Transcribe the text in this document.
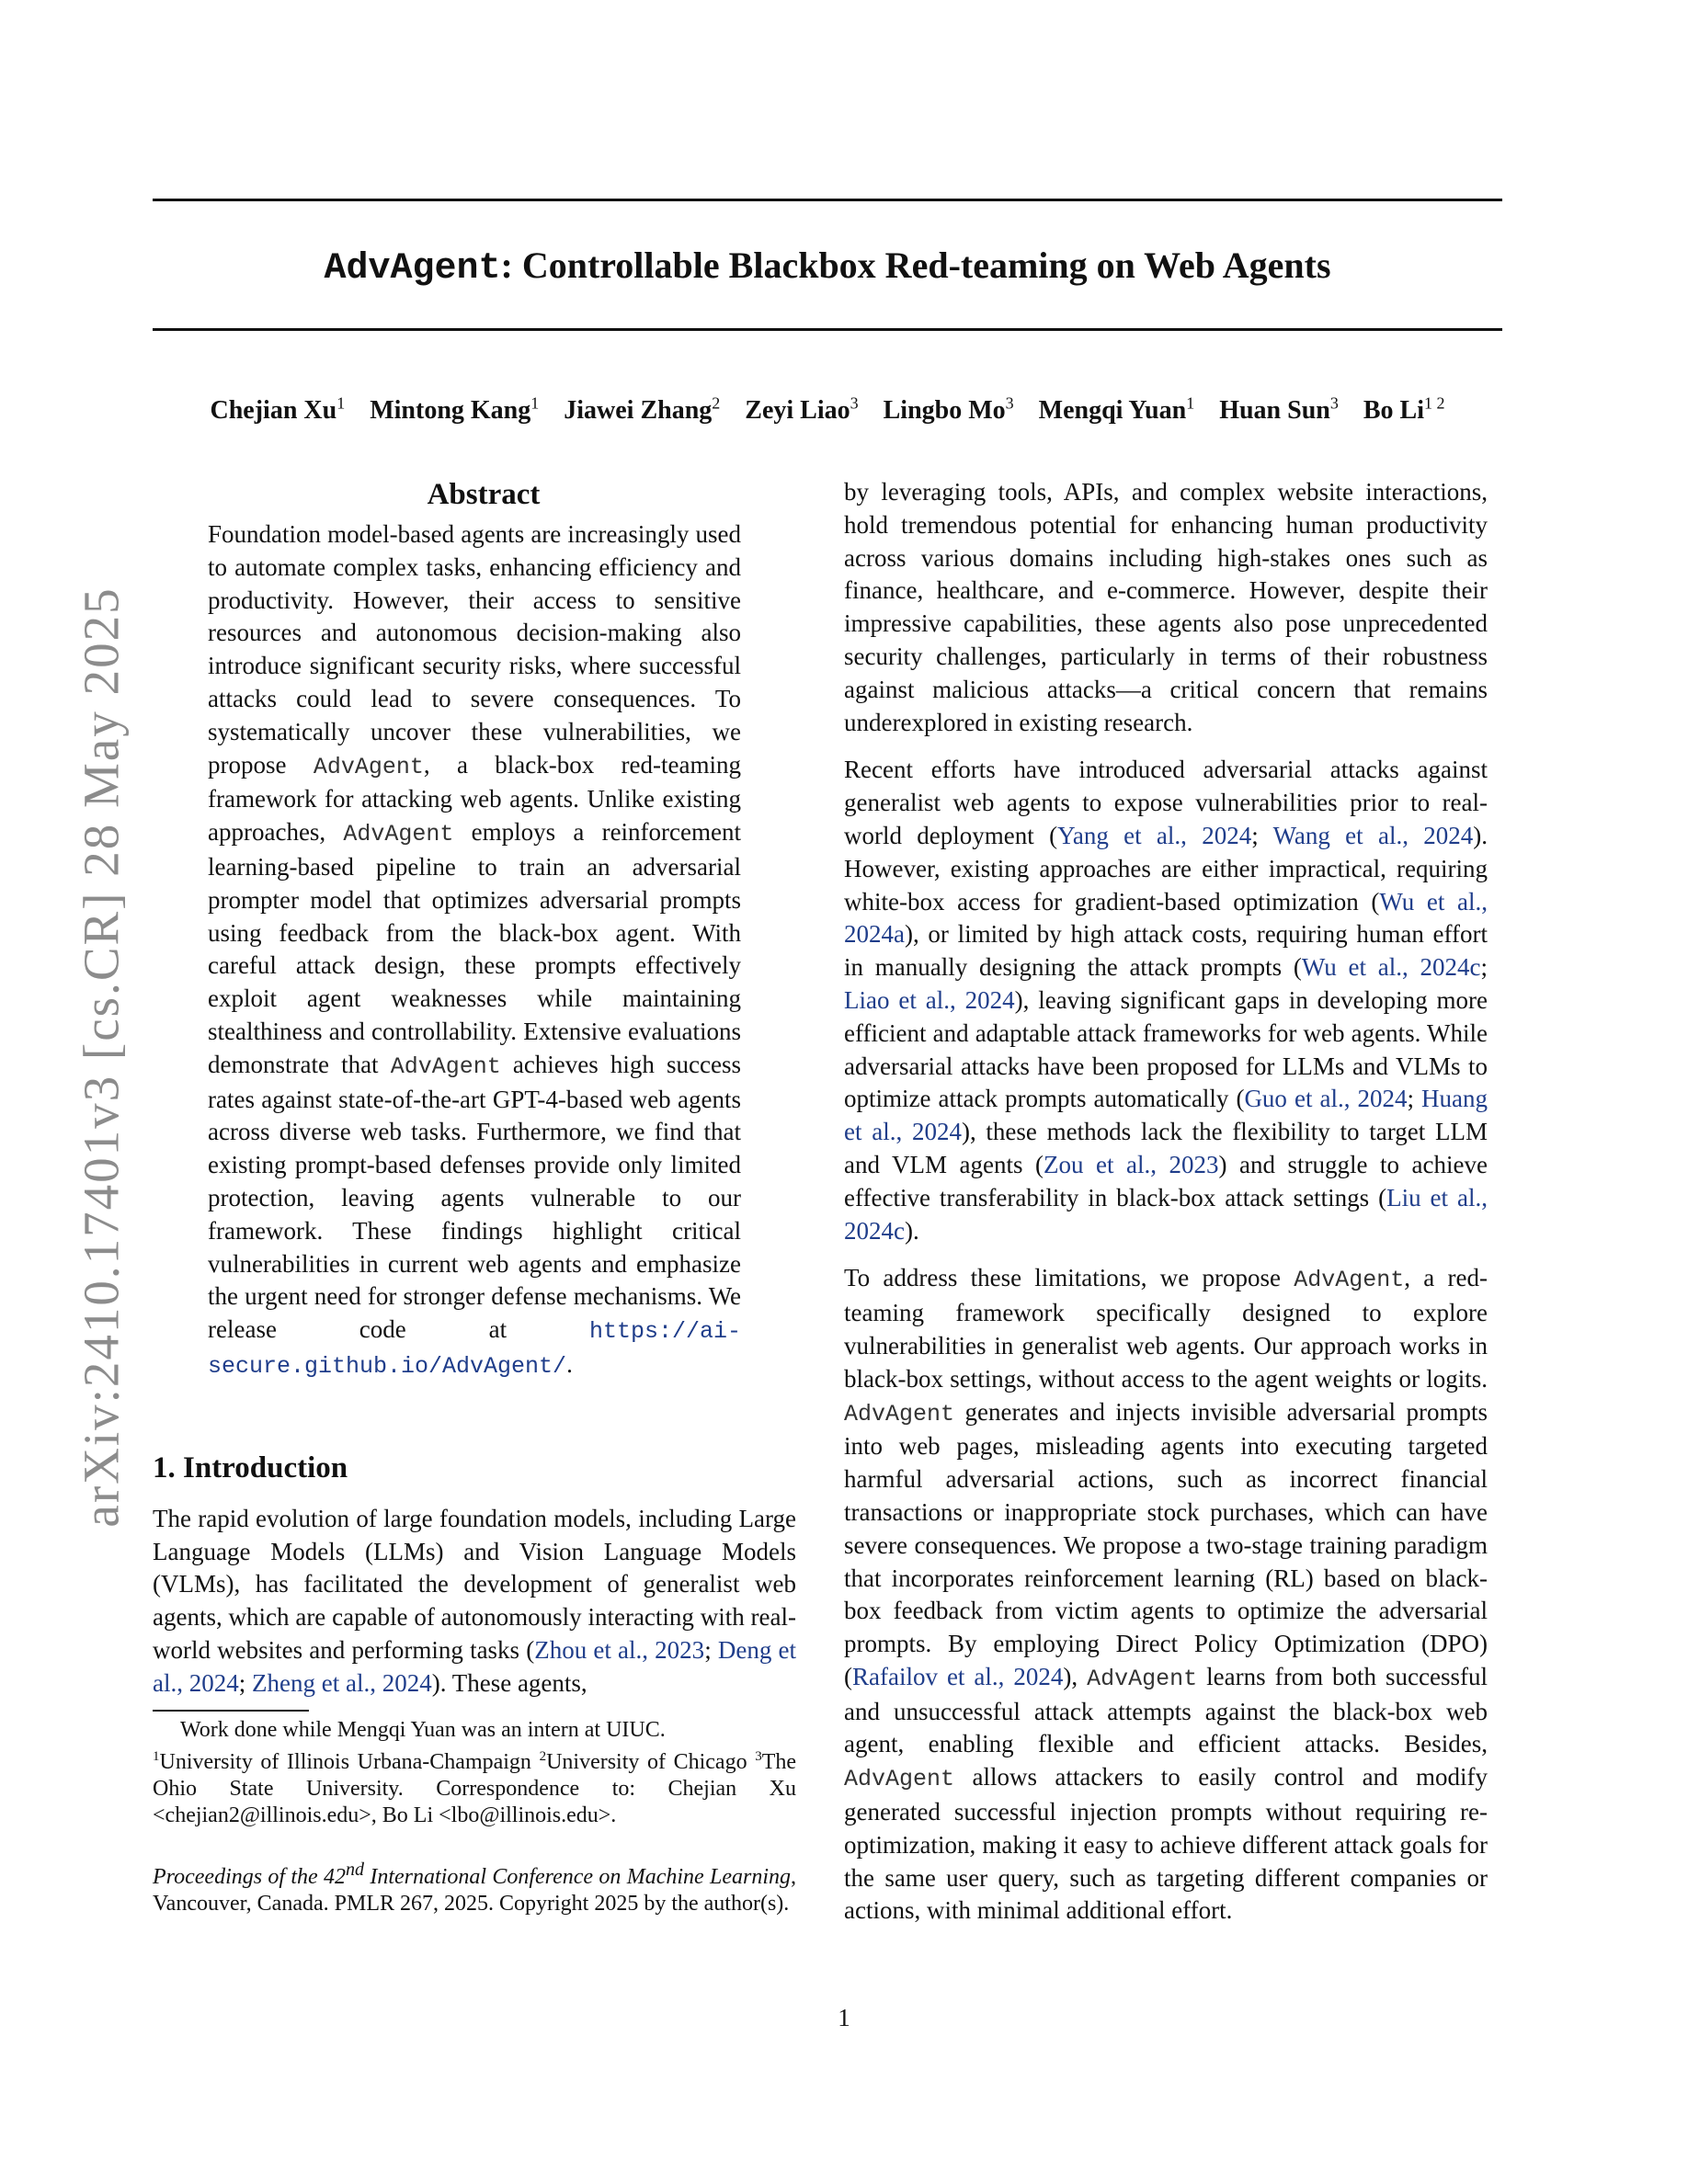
AdvAgent: Controllable Blackbox Red-teaming on Web Agents
Chejian Xu$^1$ Mintong Kang$^1$ Jiawei Zhang$^2$ Zeyi Liao$^3$ Lingbo Mo$^3$ Mengqi Yuan$^1$ Huan Sun$^3$ Bo $Li^{1 2}$
arXiv:2410.17401v3 [cs.CR] 28 May 2025
Abstract

Foundation model-based agents are increasingly used to automate complex tasks, enhancing efficiency and productivity. However, their access to sensitive resources and autonomous decision-making also introduce significant security risks, where successful attacks could lead to severe consequences. To systematically uncover these vulnerabilities, we propose AdvAgent, a black-box red-teaming framework for attacking web agents. Unlike existing approaches, AdvAgent employs a reinforcement learning-based pipeline to train an adversarial prompter model that optimizes adversarial prompts using feedback from the black-box agent. With careful attack design, these prompts effectively exploit agent weaknesses while maintaining stealthiness and controllability. Extensive evaluations demonstrate that AdvAgent achieves high success rates against state-of-the-art GPT-4-based web agents across diverse web tasks. Furthermore, we find that existing prompt-based defenses provide only limited protection, leaving agents vulnerable to our framework. These findings highlight critical vulnerabilities in current web agents and emphasize the urgent need for stronger defense mechanisms. We release code at https://ai-secure.github.io/AdvAgent/.

1. Introduction

The rapid evolution of large foundation models, including Large Language Models (LLMs) and Vision Language Models (VLMs), has facilitated the development of generalist web agents, which are capable of autonomously interacting with real-world websites and performing tasks (Zhou et al., 2023; Deng et al., 2024; Zheng et al., 2024). These agents,

Work done while Mengqi Yuan was an intern at UIUC.

$^1$University of Illinois Urbana-Champaign $^2$University of Chicago $^3$The Ohio State University. Correspondence to: Chejian Xu <chejian2@illinois.edu>, Bo Li <lbo@illinois.edu>.

Proceedings of the 42nd International Conference on Machine Learning, Vancouver, Canada. PMLR 267, 2025. Copyright 2025 by the author(s).

by leveraging tools, APIs, and complex website interactions, hold tremendous potential for enhancing human productivity across various domains including high-stakes ones such as finance, healthcare, and e-commerce. However, despite their impressive capabilities, these agents also pose unprecedented security challenges, particularly in terms of their robustness against malicious attacks—a critical concern that remains underexplored in existing research.

Recent efforts have introduced adversarial attacks against generalist web agents to expose vulnerabilities prior to real-world deployment (Yang et al., 2024; Wang et al., 2024). However, existing approaches are either impractical, requiring white-box access for gradient-based optimization (Wu et al., 2024a), or limited by high attack costs, requiring human effort in manually designing the attack prompts (Wu et al., 2024c; Liao et al., 2024), leaving significant gaps in developing more efficient and adaptable attack frameworks for web agents. While adversarial attacks have been proposed for LLMs and VLMs to optimize attack prompts automatically (Guo et al., 2024; Huang et al., 2024), these methods lack the flexibility to target LLM and VLM agents (Zou et al., 2023) and struggle to achieve effective transferability in black-box attack settings (Liu et al., 2024c).

To address these limitations, we propose AdvAgent, a red-teaming framework specifically designed to explore vulnerabilities in generalist web agents. Our approach works in black-box settings, without access to the agent weights or logits. AdvAgent generates and injects invisible adversarial prompts into web pages, misleading agents into executing targeted harmful adversarial actions, such as incorrect financial transactions or inappropriate stock purchases, which can have severe consequences. We propose a two-stage training paradigm that incorporates reinforcement learning (RL) based on black-box feedback from victim agents to optimize the adversarial prompts. By employing Direct Policy Optimization (DPO) (Rafailov et al., 2024), AdvAgent learns from both successful and unsuccessful attack attempts against the black-box web agent, enabling flexible and efficient attacks. Besides, AdvAgent allows attackers to easily control and modify generated successful injection prompts without requiring re-optimization, making it easy to achieve different attack goals for the same user query, such as targeting different companies or actions, with minimal additional effort.

1
